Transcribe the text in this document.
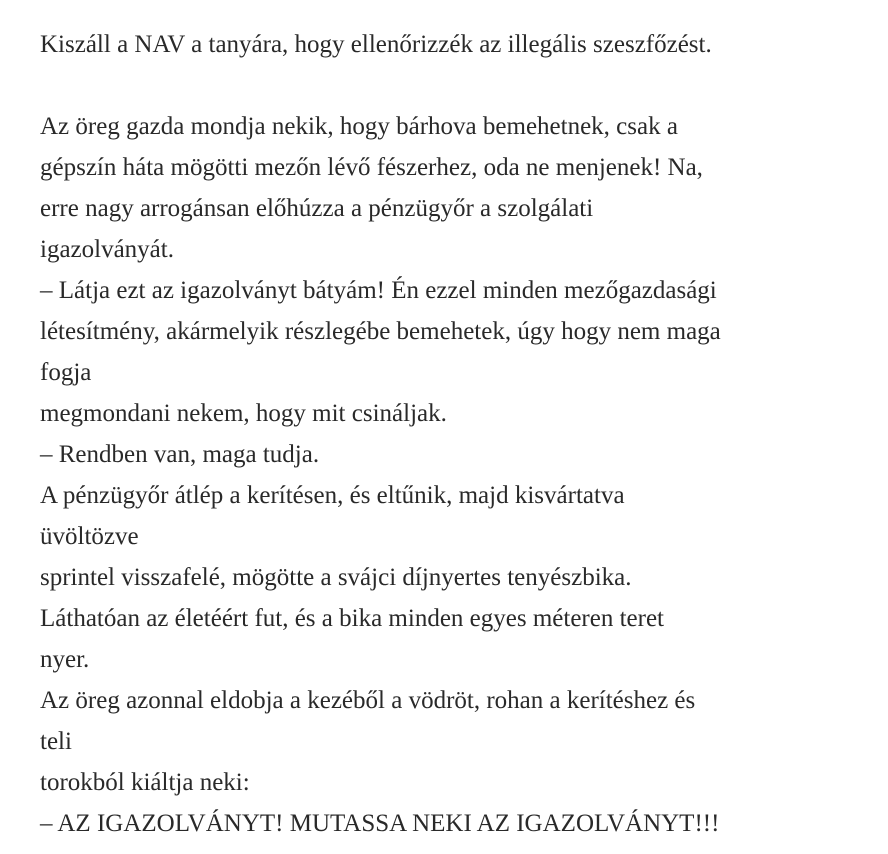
Kiszáll a NAV a tanyára, hogy ellenőrizzék az illegális szeszfőzést.
Az öreg gazda mondja nekik, hogy bárhova bemehetnek, csak a
gépszín háta mögötti mezőn lévő fészerhez, oda ne menjenek! Na,
erre nagy arrogánsan előhúzza a pénzügyőr a szolgálati
igazolványát.
– Látja ezt az igazolványt bátyám! Én ezzel minden mezőgazdasági
létesítmény, akármelyik részlegébe bemehetek, úgy hogy nem maga
fogja
megmondani nekem, hogy mit csináljak.
– Rendben van, maga tudja.
A pénzügyőr átlép a kerítésen, és eltűnik, majd kisvártatva
üvöltözve
sprintel visszafelé, mögötte a svájci díjnyertes tenyészbika.
Láthatóan az életéért fut, és a bika minden egyes méteren teret
nyer.
Az öreg azonnal eldobja a kezéből a vödröt, rohan a kerítéshez és
teli
torokból kiáltja neki:
– AZ IGAZOLVÁNYT! MUTASSA NEKI AZ IGAZOLVÁNYT!!!
